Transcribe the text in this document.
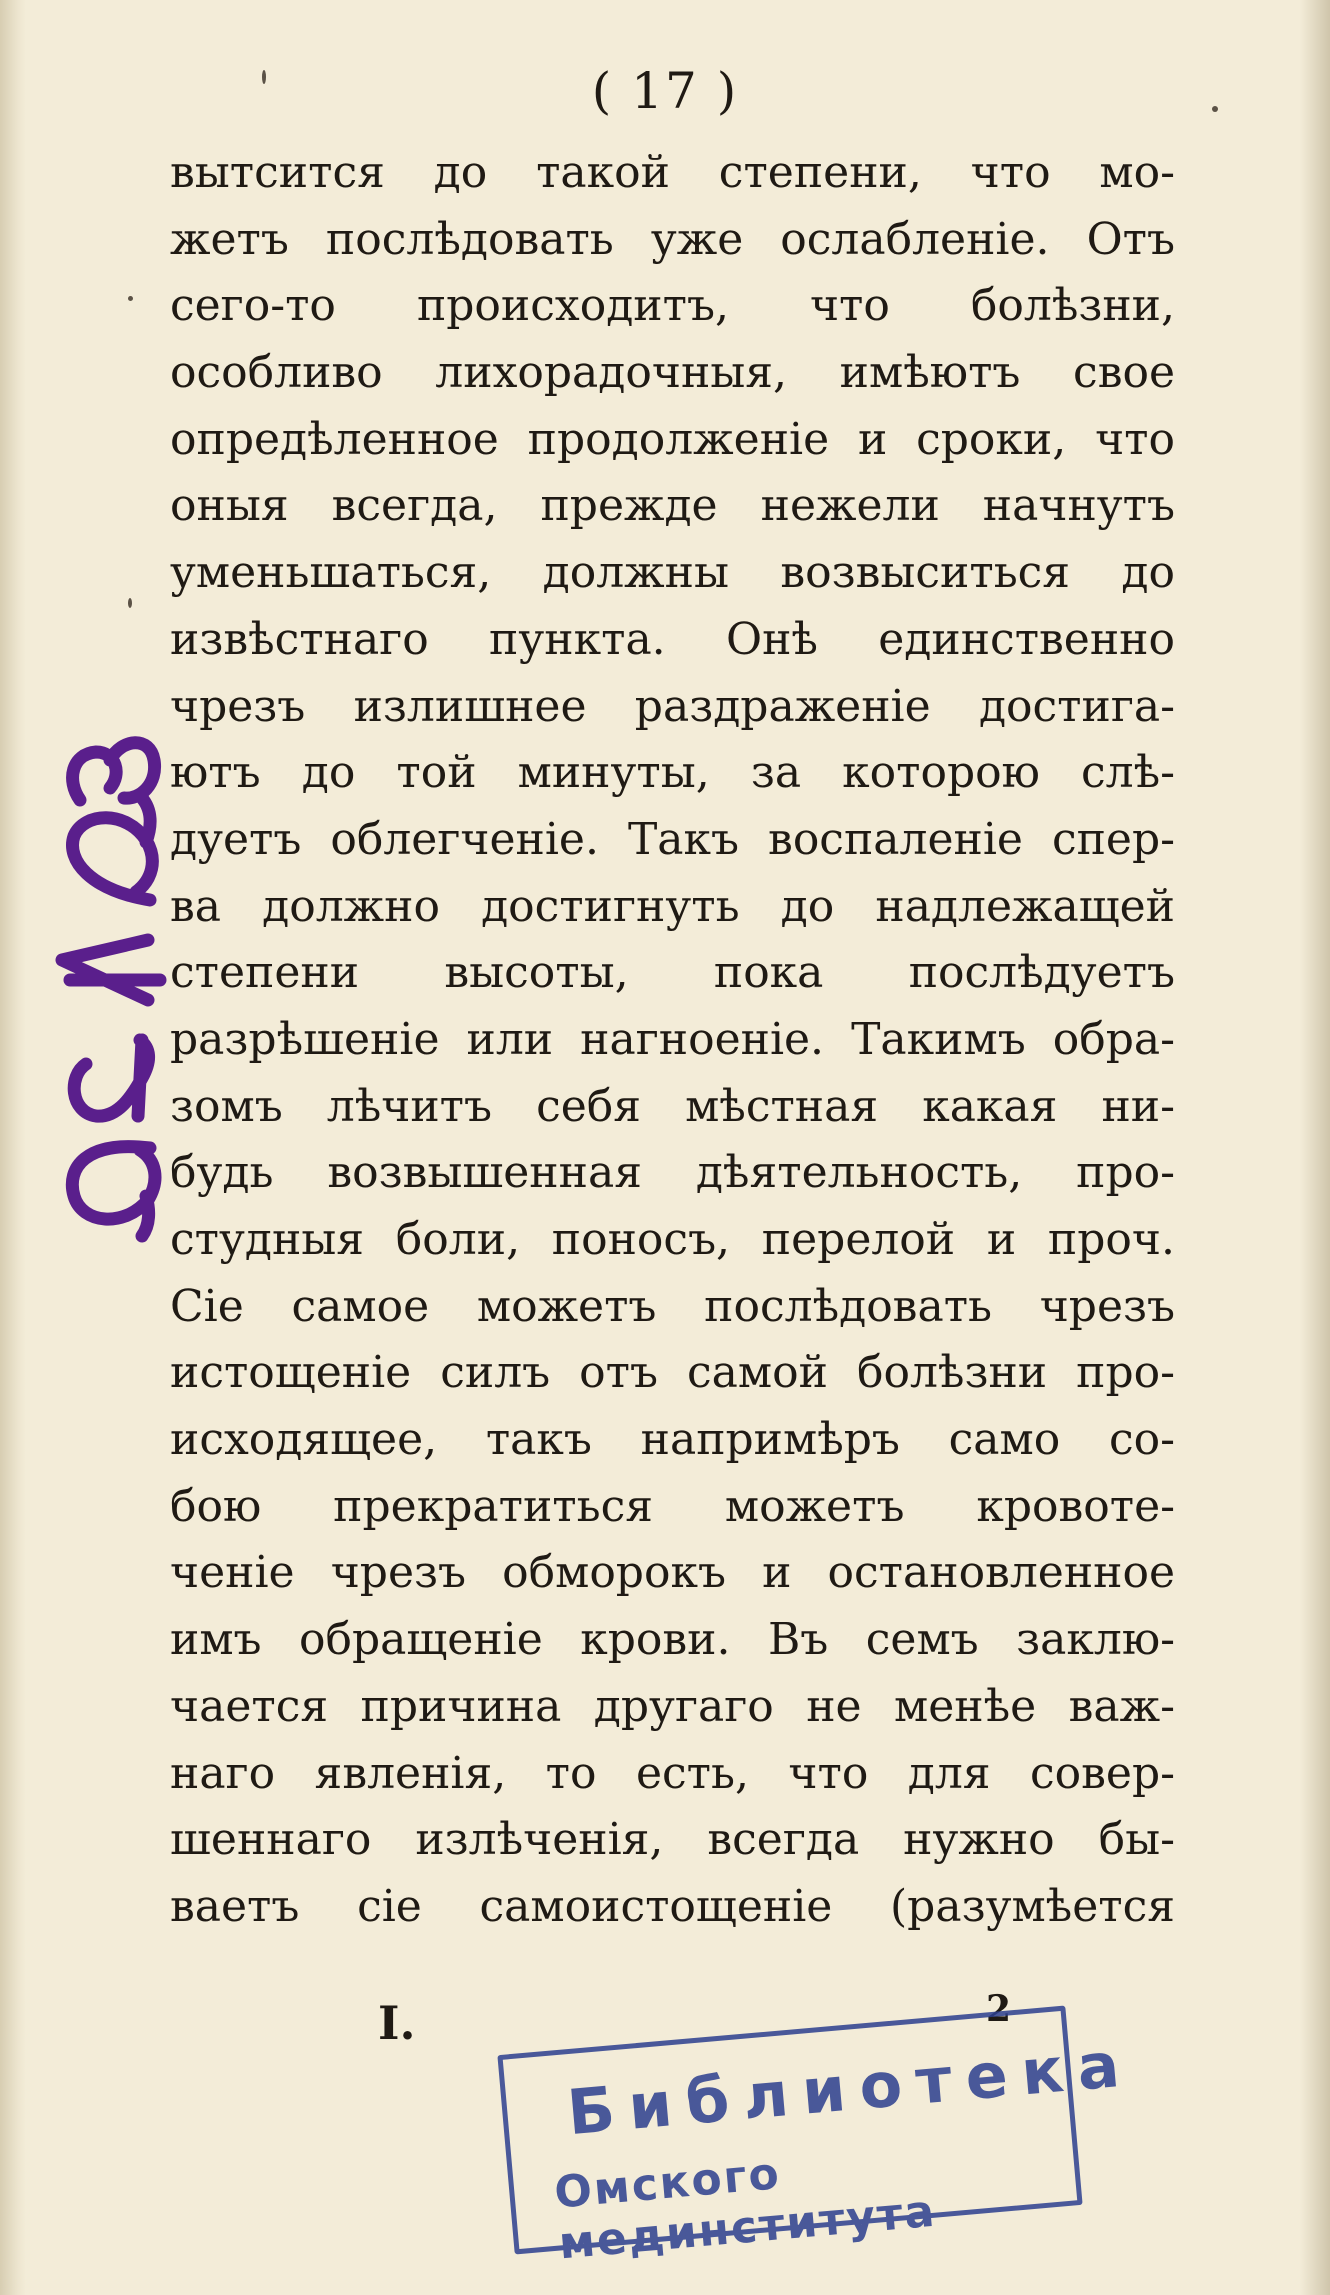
( 17 )
вытсится до такой степени, что мо-
жетъ послѣдовать уже ослабленіе. Отъ
сего-то происходитъ, что болѣзни,
особливо лихорадочныя, имѣютъ свое
опредѣленное продолженіе и сроки, что
оныя всегда, прежде нежели начнутъ
уменьшаться, должны возвыситься до
извѣстнаго пункта. Онѣ единственно
чрезъ излишнее раздраженіе достига-
ютъ до той минуты, за которою слѣ-
дуетъ облегченіе. Такъ воспаленіе спер-
ва должно достигнуть до надлежащей
степени высоты, пока послѣдуетъ
разрѣшеніе или нагноеніе. Такимъ обра-
зомъ лѣчитъ себя мѣстная какая ни-
будь возвышенная дѣятельность, про-
студныя боли, поносъ, перелой и проч.
Сіе самое можетъ послѣдовать чрезъ
истощеніе силъ отъ самой болѣзни про-
исходящее, такъ напримѣръ само со-
бою прекратиться можетъ кровоте-
ченіе чрезъ обморокъ и остановленное
имъ обращеніе крови. Въ семъ заклю-
чается причина другаго не менѣе важ-
наго явленія, то есть, что для совер-
шеннаго излѣченія, всегда нужно бы-
ваетъ сіе самоистощеніе (разумѣется
I.	2
Библиотека
Омского мединститута
